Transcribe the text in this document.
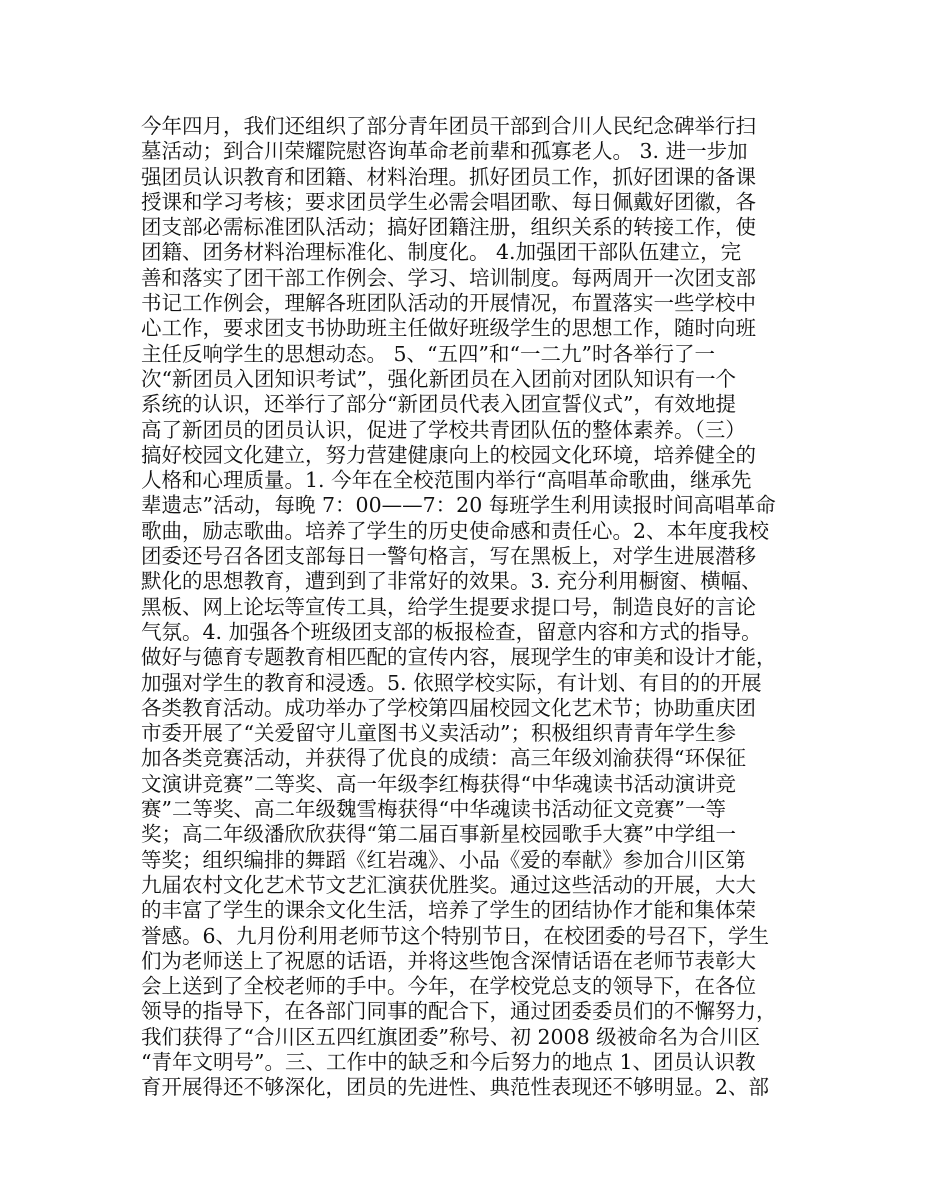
今年四月，我们还组织了部分青年团员干部到合川人民纪念碑举行扫
墓活动；到合川荣耀院慰咨询革命老前辈和孤寡老人。 3. 进一步加
强团员认识教育和团籍、材料治理。抓好团员工作，抓好团课的备课
授课和学习考核；要求团员学生必需会唱团歌、每日佩戴好团徽，各
团支部必需标准团队活动；搞好团籍注册，组织关系的转接工作，使
团籍、团务材料治理标准化、制度化。 4.加强团干部队伍建立，完
善和落实了团干部工作例会、学习、培训制度。每两周开一次团支部
书记工作例会，理解各班团队活动的开展情况，布置落实一些学校中
心工作，要求团支书协助班主任做好班级学生的思想工作，随时向班
主任反响学生的思想动态。 5、“五四”和“一二九”时各举行了一
次“新团员入团知识考试”，强化新团员在入团前对团队知识有一个
系统的认识，还举行了部分“新团员代表入团宣誓仪式”，有效地提
高了新团员的团员认识，促进了学校共青团队伍的整体素养。（三）
搞好校园文化建立，努力营建健康向上的校园文化环境，培养健全的
人格和心理质量。1. 今年在全校范围内举行“高唱革命歌曲，继承先
辈遗志”活动，每晚 7：00——7：20 每班学生利用读报时间高唱革命
歌曲，励志歌曲。培养了学生的历史使命感和责任心。2、本年度我校
团委还号召各团支部每日一警句格言，写在黑板上，对学生进展潜移
默化的思想教育，遭到到了非常好的效果。3. 充分利用橱窗、横幅、
黑板、网上论坛等宣传工具，给学生提要求提口号，制造良好的言论
气氛。4. 加强各个班级团支部的板报检查，留意内容和方式的指导。
做好与德育专题教育相匹配的宣传内容，展现学生的审美和设计才能，
加强对学生的教育和浸透。5. 依照学校实际，有计划、有目的的开展
各类教育活动。成功举办了学校第四届校园文化艺术节；协助重庆团
市委开展了“关爱留守儿童图书义卖活动”；积极组织青青年学生参
加各类竞赛活动，并获得了优良的成绩：高三年级刘渝获得“环保征
文演讲竞赛”二等奖、高一年级李红梅获得“中华魂读书活动演讲竞
赛”二等奖、高二年级魏雪梅获得“中华魂读书活动征文竞赛”一等
奖；高二年级潘欣欣获得“第二届百事新星校园歌手大赛”中学组一
等奖；组织编排的舞蹈《红岩魂》、小品《爱的奉献》参加合川区第
九届农村文化艺术节文艺汇演获优胜奖。通过这些活动的开展，大大
的丰富了学生的课余文化生活，培养了学生的团结协作才能和集体荣
誉感。6、九月份利用老师节这个特别节日，在校团委的号召下，学生
们为老师送上了祝愿的话语，并将这些饱含深情话语在老师节表彰大
会上送到了全校老师的手中。今年，在学校党总支的领导下，在各位
领导的指导下，在各部门同事的配合下，通过团委委员们的不懈努力，
我们获得了“合川区五四红旗团委”称号、初 2008 级被命名为合川区
“青年文明号”。三、工作中的缺乏和今后努力的地点 1、团员认识教
育开展得还不够深化，团员的先进性、典范性表现还不够明显。2、部
